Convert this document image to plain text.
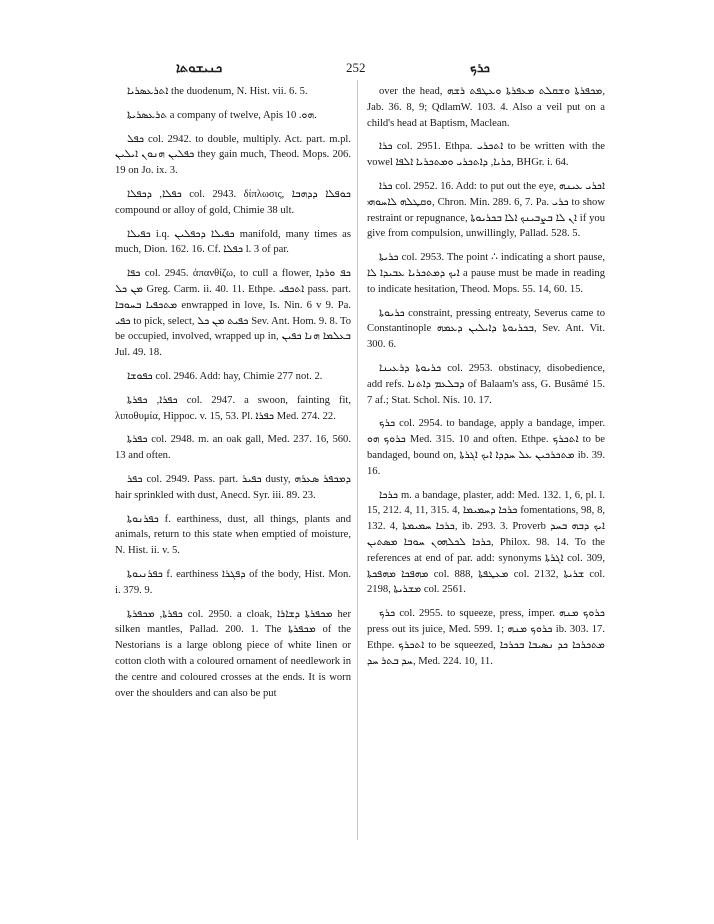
ܟܢܝܫܘܬܐ	252	ܟܪܟ

ܐܬܪܥܣܪܝܐ the duodenum, N. Hist. vii. 6. 5.

ܬܪܥܣܪܝܬܐ a company of twelve, Apis ܗܘ. 10.

ܟܦܠ col. 2942. to double, multiply. Act. part. m.pl. ܟܦܠܝܢ ܗܢܘܢ ܐܝܠܝܢ they gain much, Theod. Mops. 206. 19 on Jo. ix. 3.

ܟܦܠܐ, ܕܟܦܠܐ col. 2943. δίπλωσις, ܟܘܦܠܐ ܕܕܗܒܐ compound or alloy of gold, Chimie 38 ult.

ܟܦܝܠܐ i.q. ܟܦܝܠܐ ܕܟܦܠܝܢ manifold, many times as much, Dion. 162. 16. Cf. ܟܦܠܐ l. 3 of par.

ܟܦܐ col. 2945. ἀπανθίζω, to cull a flower, ܟܦ ܘܪܕܐ ܡܢ ܟܠ Greg. Carm. ii. 40. 11. Ethpe. ܐܬܟܦܝ pass. part. ܡܬܟܦܝܐ ܒܚܘܒܐ enwrapped in love, Is. Nin. 6 v 9. Pa. ܟܦܝ to pick, select, ܟܦܝܬ ܡܢ ܟܠ Sev. Ant. Hom. 9. 8. To be occupied, involved, wrapped up in, ܒܥܠܡܐ ܗܢܐ ܟܦܝܢ Jul. 49. 18.

ܟܦܘܫܐ col. 2946. Add: hay, Chimie 277 not. 2.

ܟܦܪܐ, ܟܦܪܬܐ col. 2947. a swoon, fainting fit, λιποθυμία, Hippoc. v. 15, 53. Pl. ܟܦܪܐ Med. 274. 22.

ܟܦܪܬܐ col. 2948. m. an oak gall, Med. 237. 16, 560. 13 and often.

ܟܦܪ col. 2949. Pass. part. ܟܦܝܪ dusty, ܕܡܟܦܪ ܣܥܪܗ hair sprinkled with dust, Anecd. Syr. iii. 89. 23.

ܟܦܪܢܘܬܐ f. earthiness, dust, all things, plants and animals, return to this state when emptied of moisture, N. Hist. ii. v. 5.

ܟܦܪܢܝܘܬܐ f. earthiness ܕܦܓܪܐ of the body, Hist. Mon. i. 379. 9.

ܟܦܪܬܐ, ܡܟܦܪܬܐ col. 2950. a cloak, ܡܟܦܪܬܐ ܕܫܐܪܐ her silken mantles, Pallad. 200. 1. The ܡܟܦܪܬܐ of the Nestorians is a large oblong piece of white linen or cotton cloth with a coloured ornament of needlework in the centre and coloured crosses at the ends. It is worn over the shoulders and can also be put

over the head, ܡܟܦܪܬܐ ܘܫܩܠܬ ܡܥܦܪܬܐ ܘܥܛܦܬ ܪܫܗ, Jab. 36. 8, 9; QdlamW. 103. 4. Also a veil put on a child's head at Baptism, Maclean.

ܟܪܐ col. 2951. Ethpa. ܐܬܟܪܝ to be written with the vowel ܟܪܝܐ, ܕܐܬܟܪܝ ܘܡܬܟܪܝܐ ܐܠܦܐ, BHGr. i. 64.

ܟܪܐ col. 2952. 16. Add: to put out the eye, ܐܟܪܝ ܥܝܢܗ ܘܩܛܠܗ ܠܐܚܘܗܝ, Chron. Min. 289. 6, 7. Pa. ܟܪܝ to show restraint or repugnance, ܐܢ ܠܐ ܒܨܒܝܢܟ ܐܠܐ ܒܟܪܝܘܬܐ if you give from compulsion, unwillingly, Pallad. 528. 5.

ܟܪܝܬܐ col. 2953. The point ∴ indicating a short pause, ܐܝܟ ܕܡܬܟܪܝܐ ܥܒܝܕܐ ܠܐ a pause must be made in reading to indicate hesitation, Theod. Mops. 55. 14, 60. 15.

ܟܪܝܘܬܐ constraint, pressing entreaty, Severus came to Constantinople ܒܟܪܝܘܬܐ ܕܐܝܠܝܢ ܕܥܡܗ, Sev. Ant. Vit. 300. 6.

ܟܪܝܘܬܐ ܕܪܥܝܢܐ col. 2953. obstinacy, disobedience, add refs. ܕܒܠܥܡ ܕܐܬܢܐ of Balaam's ass, G. Busâmé 15. 7 af.; Stat. Schol. Nis. 10. 17.

ܟܪܟ col. 2954. to bandage, apply a bandage, imper. ܟܪܘܟ ܗܘ Med. 315. 10 and often. Ethpe. ܐܬܟܪܟ to be bandaged, bound on, ܡܬܟܪܟܝܢ ܥܠ ܚܕܕܐ ܐܝܟ ܐܓܪܬܐ ib. 39. 16.

ܟܪܟܐ m. a bandage, plaster, add: Med. 132. 1, 6, pl. l. 15, 212. 4, 11, 315. 4, ܟܪܟܐ ܕܚܡܝܡܐ fomentations, 98, 8, 132. 4, ܟܪܟܐ ܚܡܝܡܬܐ, ib. 293. 3. Proverb ܐܝܟ ܕܒܗ ܒܚܕ ܟܪܟܐ ܠܟܠܗܘܢ ܚܘܒܐ ܡܣܬܝܢ, Philox. 98. 14. To the references at end of par. add: synonyms ܐܓܪܬܐ col. 309, ܡܗܦܟܐ ܡܗܦܟܬܐ col. 888, ܡܥܛܦܬܐ col. 2132, ܫܪܝܬܐ col. 2198, ܡܫܪܝܬܐ col. 2561.

ܟܪܟ col. 2955. to squeeze, press, imper. ܟܪܘܟ ܡܢܗ press out its juice, Med. 599. 1; ܟܪܘܟ ܡܢܗ ib. 303. 17. Ethpe. ܐܬܟܪܟ to be squeezed, ܡܬܟܪܟܐ ܟܕ ܢܣܝܒܐ ܒܟܪܟܐ ܚܕ ܒܬܪ ܚܕ, Med. 224. 10, 11.
